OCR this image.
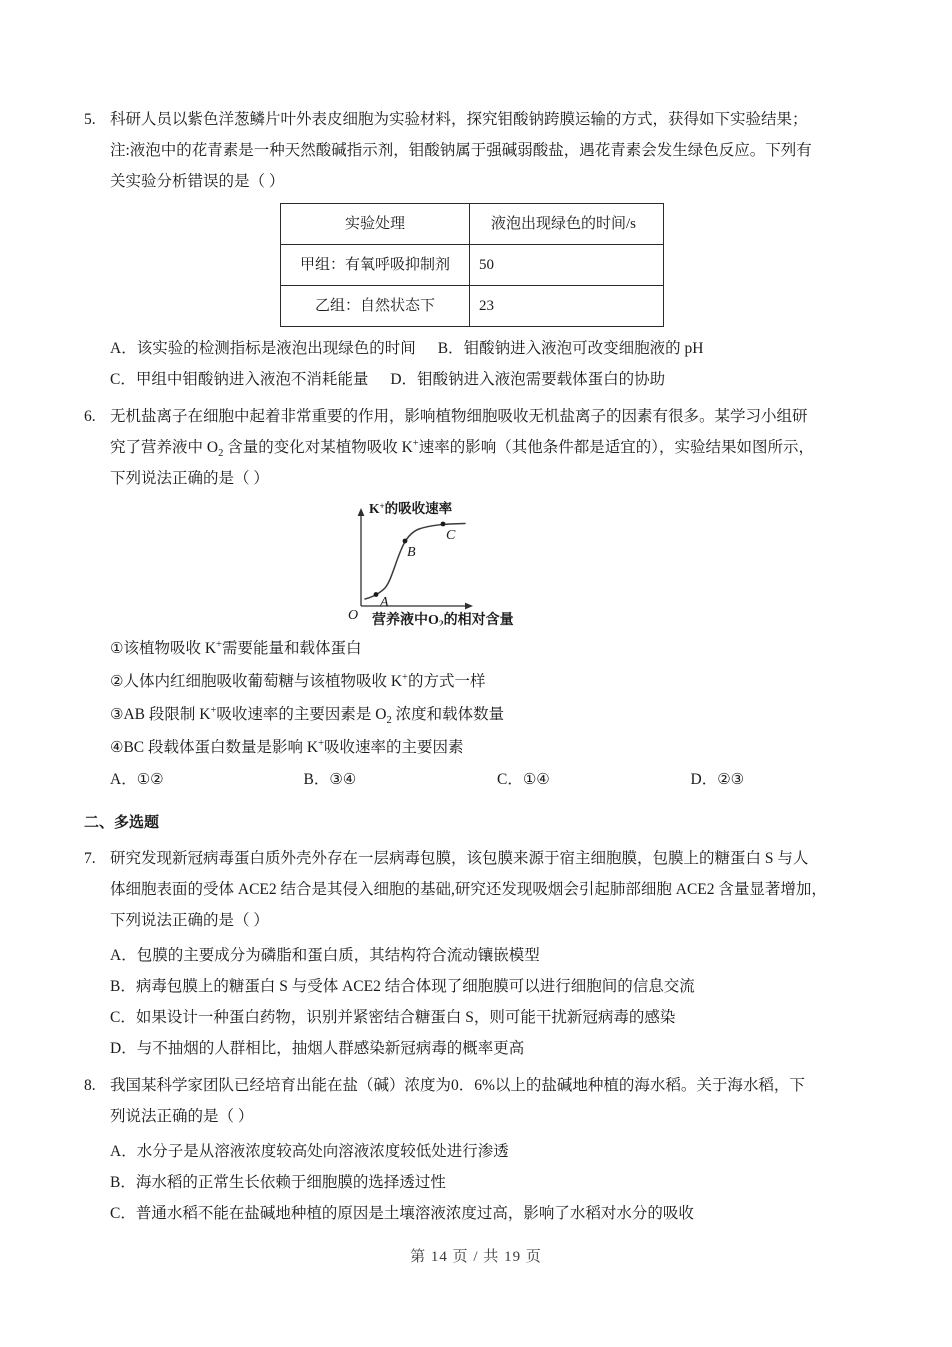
5. 科研人员以紫色洋葱鳞片叶外表皮细胞为实验材料，探究钼酸钠跨膜运输的方式，获得如下实验结果；

注:液泡中的花青素是一种天然酸碱指示剂，钼酸钠属于强碱弱酸盐，遇花青素会发生绿色反应。下列有

关实验分析错误的是（ ）

实验处理	液泡出现绿色的时间/s
甲组：有氧呼吸抑制剂	50
乙组：自然状态下	23
A．该实验的检测指标是液泡出现绿色的时间 B．钼酸钠进入液泡可改变细胞液的 pH
C．甲组中钼酸钠进入液泡不消耗能量 D．钼酸钠进入液泡需要载体蛋白的协助
6. 无机盐离子在细胞中起着非常重要的作用，影响植物细胞吸收无机盐离子的因素有很多。某学习小组研

究了营养液中 $O_2$ 含量的变化对某植物吸收 K+速率的影响（其他条件都是适宜的），实验结果如图所示，

下列说法正确的是（ ）

A
B
C
O
K+的吸收速率
营养液中$O_2$的相对含量
①该植物吸收 K+需要能量和载体蛋白
②人体内红细胞吸收葡萄糖与该植物吸收 K+的方式一样
③AB 段限制 K+吸收速率的主要因素是 $O_2$ 浓度和载体数量
④BC 段载体蛋白数量是影响 K+吸收速率的主要因素
A．①②	B．③④	C．①④	D．②③
二、多选题
7. 研究发现新冠病毒蛋白质外壳外存在一层病毒包膜，该包膜来源于宿主细胞膜，包膜上的糖蛋白 S 与人

体细胞表面的受体 ACE2 结合是其侵入细胞的基础,研究还发现吸烟会引起肺部细胞 ACE2 含量显著增加，

下列说法正确的是（ ）

A．包膜的主要成分为磷脂和蛋白质，其结构符合流动镶嵌模型
B．病毒包膜上的糖蛋白 S 与受体 ACE2 结合体现了细胞膜可以进行细胞间的信息交流
C．如果设计一种蛋白药物，识别并紧密结合糖蛋白 S，则可能干扰新冠病毒的感染
D．与不抽烟的人群相比，抽烟人群感染新冠病毒的概率更高
8. 我国某科学家团队已经培育出能在盐（碱）浓度为0．6%以上的盐碱地种植的海水稻。关于海水稻，下

列说法正确的是（ ）

A．水分子是从溶液浓度较高处向溶液浓度较低处进行渗透
B．海水稻的正常生长依赖于细胞膜的选择透过性
C．普通水稻不能在盐碱地种植的原因是土壤溶液浓度过高，影响了水稻对水分的吸收
第 14 页 / 共 19 页
